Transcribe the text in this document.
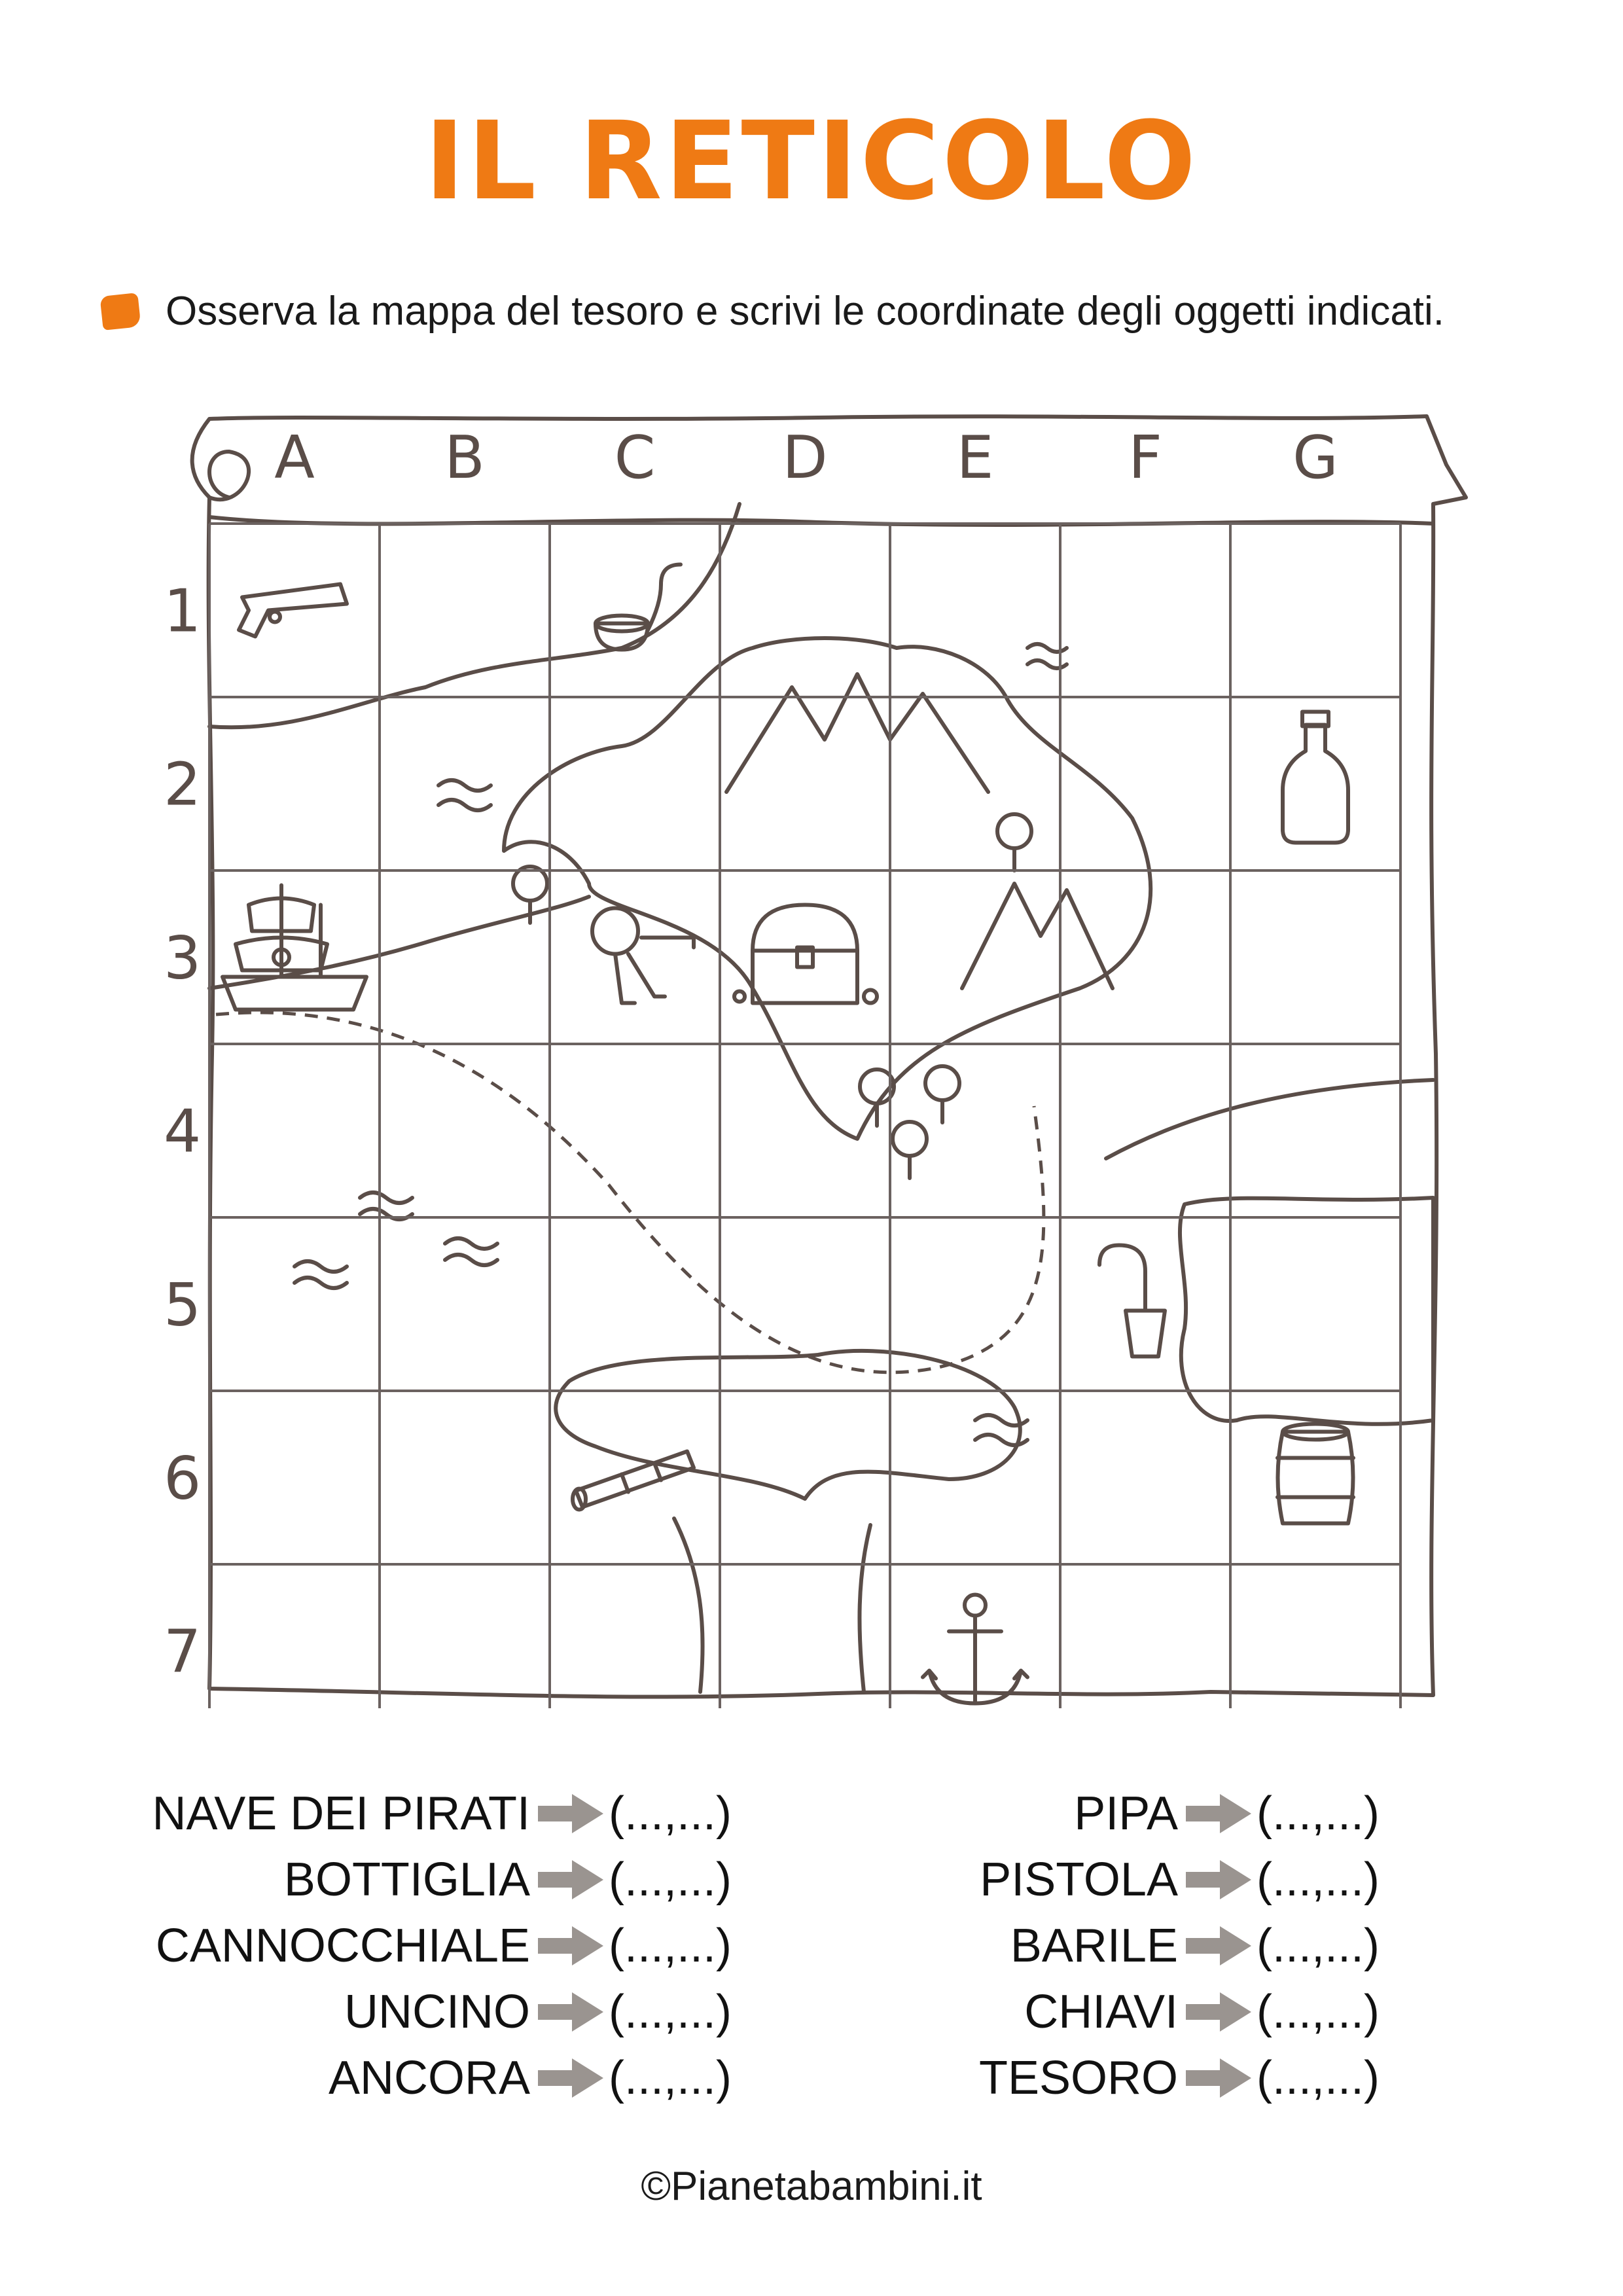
IL RETICOLO
Osserva la mappa del tesoro e scrivi le coordinate degli oggetti indicati.
A B C D E F G
1
2
3
4
5
6
7
NAVE DEI PIRATI (...,...)
BOTTIGLIA (...,...)
CANNOCCHIALE (...,...)
UNCINO (...,...)
ANCORA (...,...)
PIPA (...,...)
PISTOLA (...,...)
BARILE (...,...)
CHIAVI (...,...)
TESORO (...,...)
©Pianetabambini.it
